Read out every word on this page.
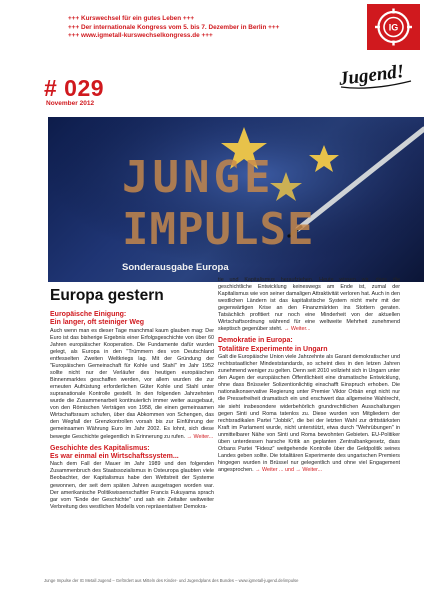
+++ Kurswechsel für ein gutes Leben +++
+++ Der internationale Kongress vom 5. bis 7. Dezember in Berlin +++
+++ www.igmetall-kurswechselkongress.de +++
IG
Jugend!
# 029
November 2012
JUNGE
IMPULSE
Sonderausgabe Europa
Europa gestern

Europäische Einigung:

Ein langer, oft steiniger Weg

Auch wenn man es dieser Tage manchmal kaum glauben mag: Der Euro ist das bisherige Ergebnis einer Erfolgsgeschichte von über 60 Jahren europäischer Kooperation. Die Fundamente dafür wurden gelegt, als Europa in den "Trümmern des von Deutschland entfesselten Zweiten Weltkriegs lag. Mit der Gründung der "Europäischen Gemeinschaft für Kohle und Stahl" im Jahr 1952 sollte nicht nur der Verläufer des heutigen europäischen Binnenmarktes geschaffen werden, vor allem wurden die zur erneuten Aufrüstung erforderlichen Güter Kohle und Stahl unter supranationale Kontrolle gestellt. In den folgenden Jahrzehnten wurde die Zusammenarbeit kontinuierlich immer weiter ausgebaut, von den Römischen Verträgen von 1958, die einen gemeinsamen Wirtschaftsraum schufen, über das Abkommen von Schengen, das den Wegfall der Grenzkontrollen vorsah bis zur Einführung der gemeinsamen Währung Euro im Jahr 2002. Es lohnt, sich diese bewegte Geschichte gelegentlich in Erinnerung zu rufen. → Weiter...

Geschichte des Kapitalismus:

Es war einmal ein Wirtschaftssystem...

Nach dem Fall der Mauer im Jahr 1989 und den folgenden Zusammenbruch des Staatssozialismus in Osteuropa glaubten viele Beobachter, der Kapitalismus habe den Wettstreit der Systeme gewonnen, der seit dem späten Jahren ausgetragen worden war. Der amerikanische Politikwissenschaftler Francis Fukuyama sprach gar vom "Ende der Geschichte" und sah ein Zeitalter weltweiter Verbreitung des westlichen Modells von repräsentativer Demokra-

tie und Kapitalismus heraufziehen. Heute wissen wir, dass die geschichtliche Entwicklung keineswegs am Ende ist, zumal der Kapitalismus wie von seiner damaligen Attraktivität verloren hat. Auch in den westlichen Ländern ist das kapitalistische System nicht mehr mit der gegenwärtigen Krise an den Finanzmärkten ins Stottern geraten. Tatsächlich profitiert nur noch eine Minderheit von der aktuellen Wirtschaftsordnung während für eine weltweite Mehrheit zunehmend skeptisch gegenüber steht. → Weiter...

Demokratie in Europa:

Totalitäre Experimente in Ungarn

Galt die Europäische Union viele Jahrzehnte als Garant demokratischer und rechtsstaatlicher Mindeststandards, so scheint dies in den letzen Jahren zunehmend weniger zu gelten. Denn seit 2010 vollzieht sich in Ungarn unter den Augen der europäischen Öffentlichkeit eine dramatische Entwicklung, ohne dass Brüsseler Solizentionlichtig einschafft Einspruch erhoben. Die nationalkonservative Regierung unter Premier Viktor Orbán engt nicht nur die Pressefreiheit dramatisch ein und erschwert das allgemeine Wahlrecht, sie sieht insbesondere widerbehörlich grundrechtlichen Ausschaltungen gegen Sinti und Roma tatenlos zu. Diese wurden von Mitgliedern der rechtsradikalen Partei "Jobbik", die bei der letzten Wahl zur drittstärksten Kraft im Parlament wurde, nicht unterstützt, etwa durch "Wehrübungen" in unmittelbarer Nähe von Sinti und Roma bewohnten Gebieten. EU-Politiker üben unterdessen harsche Kritik an geplanten Zentralbankgesetz, dass Orbans Partei "Fidesz" weitgehende Kontrolle über die Geldpolitik seines Landes geben sollte. Die totalitären Experimente des ungarischen Premiers hingegen wurden in Brüssel nur gelegentlich und ohne viel Engagement angesprochen. → Weiter ... und → Weiter...

Junge Impulse der IG Metall Jugend – Gefördert aus Mitteln des Kinder- und Jugendplans des Bundes – www.igmetall-jugend.de/impulse
